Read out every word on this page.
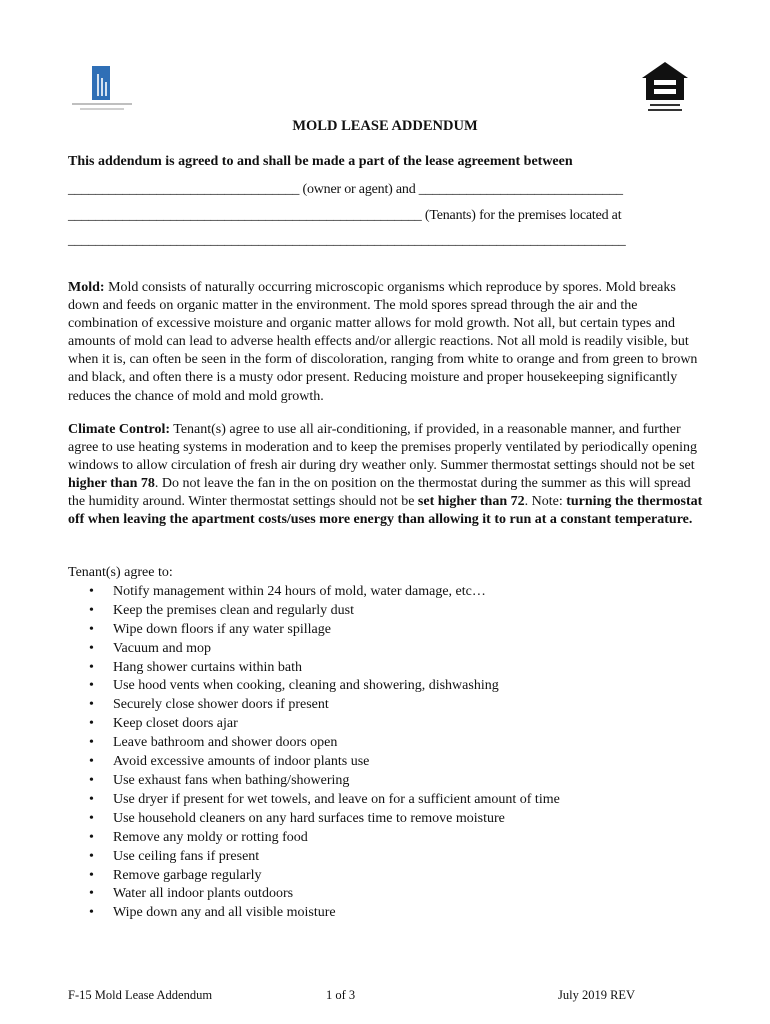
MOLD LEASE ADDENDUM
This addendum is agreed to and shall be made a part of the lease agreement between
__________________________________ (owner or agent) and ______________________________
____________________________________________________ (Tenants) for the premises located at
__________________________________________________________________________________
Mold: Mold consists of naturally occurring microscopic organisms which reproduce by spores. Mold breaks down and feeds on organic matter in the environment. The mold spores spread through the air and the combination of excessive moisture and organic matter allows for mold growth. Not all, but certain types and amounts of mold can lead to adverse health effects and/or allergic reactions. Not all mold is readily visible, but when it is, can often be seen in the form of discoloration, ranging from white to orange and from green to brown and black, and often there is a musty odor present. Reducing moisture and proper housekeeping significantly reduces the chance of mold and mold growth.
Climate Control: Tenant(s) agree to use all air-conditioning, if provided, in a reasonable manner, and further agree to use heating systems in moderation and to keep the premises properly ventilated by periodically opening windows to allow circulation of fresh air during dry weather only. Summer thermostat settings should not be set higher than 78. Do not leave the fan in the on position on the thermostat during the summer as this will spread the humidity around. Winter thermostat settings should not be set higher than 72. Note: turning the thermostat off when leaving the apartment costs/uses more energy than allowing it to run at a constant temperature.
Tenant(s) agree to:
• Notify management within 24 hours of mold, water damage, etc…
• Keep the premises clean and regularly dust
• Wipe down floors if any water spillage
• Vacuum and mop
• Hang shower curtains within bath
• Use hood vents when cooking, cleaning and showering, dishwashing
• Securely close shower doors if present
• Keep closet doors ajar
• Leave bathroom and shower doors open
• Avoid excessive amounts of indoor plants use
• Use exhaust fans when bathing/showering
• Use dryer if present for wet towels, and leave on for a sufficient amount of time
• Use household cleaners on any hard surfaces time to remove moisture
• Remove any moldy or rotting food
• Use ceiling fans if present
• Remove garbage regularly
• Water all indoor plants outdoors
• Wipe down any and all visible moisture
F-15 Mold Lease Addendum	1 of 3	July 2019 REV
